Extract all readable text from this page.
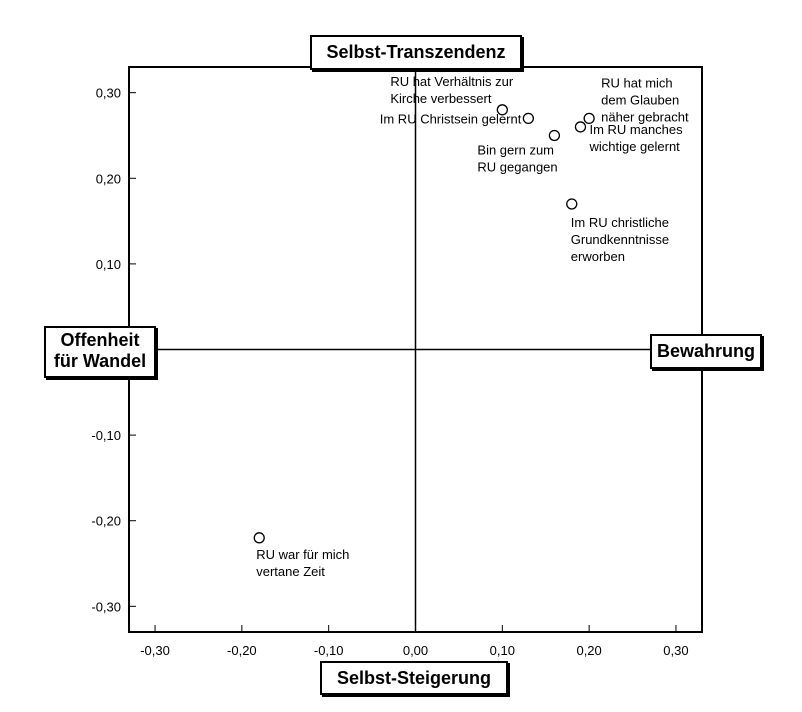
-0,30	-0,20	-0,10	0,00	0,10	0,20	0,30
0,30
0,20
0,10
-0,10
-0,20
-0,30
RU hat Verhältnis zur
Kirche verbessert
Im RU Christsein gelernt
Bin gern zum
RU gegangen
RU hat mich
dem Glauben
näher gebracht
Im RU manches
wichtige gelernt
Im RU christliche
Grundkenntnisse
erworben
RU war für mich
vertane Zeit
Selbst-Transzendenz
Selbst-Steigerung
Offenheit
für Wandel	Bewahrung
